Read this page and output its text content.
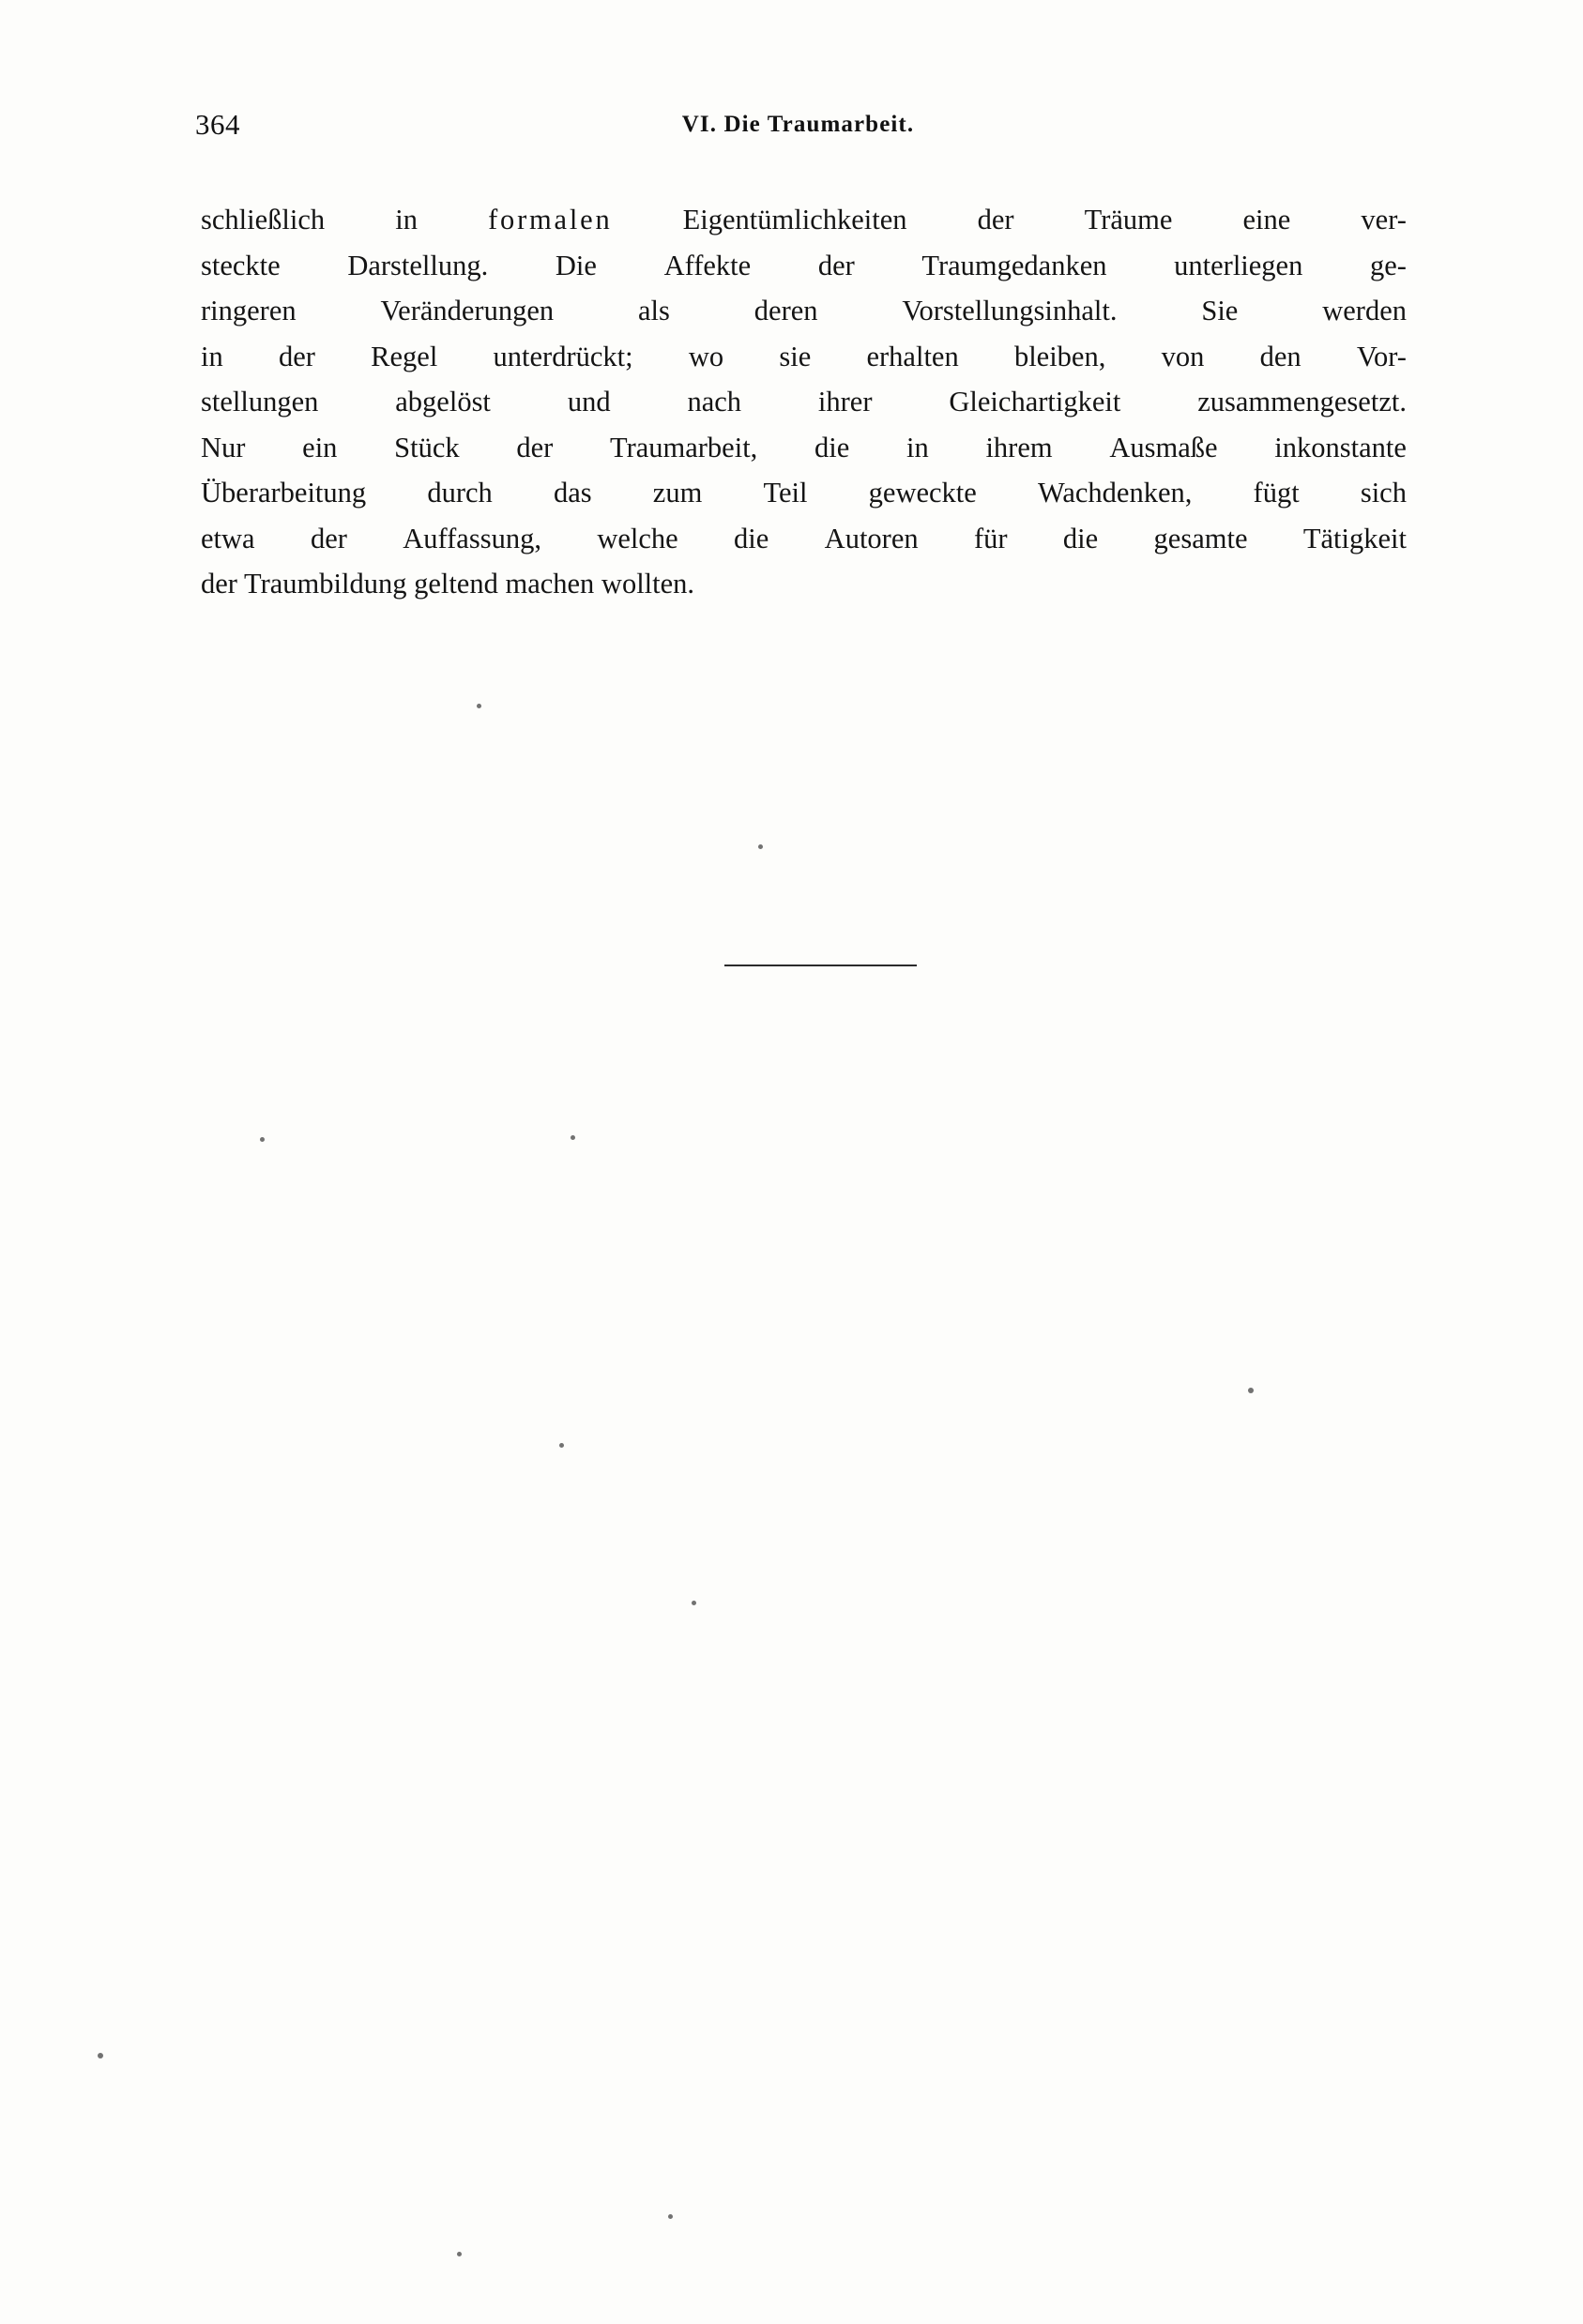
364	VI. Die Traumarbeit.

schließlich in formalen Eigentümlichkeiten der Träume eine ver-
steckte Darstellung. Die Affekte der Traumgedanken unterliegen ge-
ringeren	Veränderungen	als	deren	Vorstellungsinhalt.	Sie	werden
in der Regel unterdrückt; wo sie erhalten bleiben, von den Vor-
stellungen	abgelöst	und	nach	ihrer	Gleichartigkeit	zusammengesetzt.
Nur ein Stück der Traumarbeit, die in ihrem Ausmaße inkonstante
Überarbeitung durch das zum Teil geweckte Wachdenken, fügt sich
etwa der Auffassung, welche die Autoren für die gesamte Tätigkeit
der Traumbildung geltend machen wollten.
